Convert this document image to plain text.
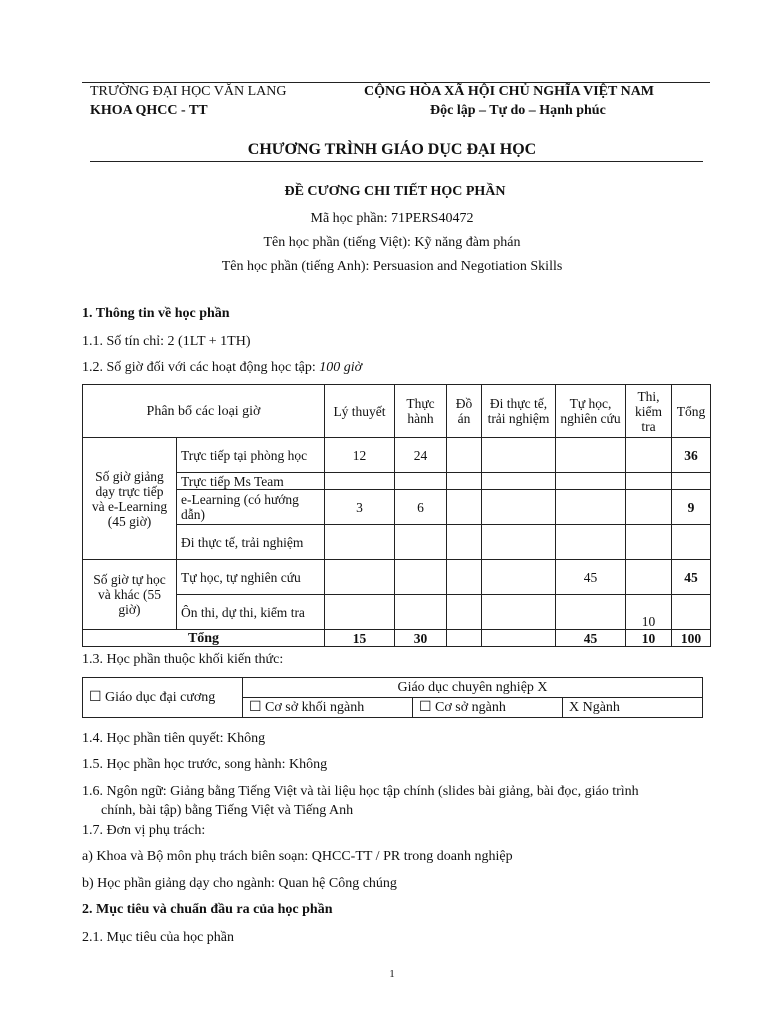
TRƯỜNG ĐẠI HỌC VĂN LANG
KHOA QHCC - TT
CỘNG HÒA XÃ HỘI CHỦ NGHĨA VIỆT NAM
Độc lập – Tự do – Hạnh phúc
CHƯƠNG TRÌNH GIÁO DỤC ĐẠI HỌC
ĐỀ CƯƠNG CHI TIẾT HỌC PHẦN
Mã học phần: 71PERS40472
Tên học phần (tiếng Việt): Kỹ năng đàm phán
Tên học phần (tiếng Anh): Persuasion and Negotiation Skills
1. Thông tin về học phần
1.1. Số tín chỉ: 2 (1LT + 1TH)
1.2. Số giờ đối với các hoạt động học tập: 100 giờ
Phân bổ các loại giờ		Lý thuyết	Thực hành	Đồ án	Đi thực tế, trải nghiệm	Tự học, nghiên cứu	Thi, kiểm tra	Tổng
Số giờ giảng dạy trực tiếp và e-Learning (45 giờ)	Trực tiếp tại phòng học	12	24					36
	Trực tiếp Ms Team							
	e-Learning (có hướng dẫn)	3	6					9
	Đi thực tế, trải nghiệm							
Số giờ tự học và khác (55 giờ)	Tự học, tự nghiên cứu					45		45
	Ôn thi, dự thi, kiểm tra						10	
Tổng		15	30			45	10	100
1.3. Học phần thuộc khối kiến thức:
☐ Giáo dục đại cương	Giáo dục chuyên nghiệp X		
	☐ Cơ sở khối ngành	☐ Cơ sở ngành	X Ngành
1.4. Học phần tiên quyết: Không
1.5. Học phần học trước, song hành: Không
1.6. Ngôn ngữ: Giảng bằng Tiếng Việt và tài liệu học tập chính (slides bài giảng, bài đọc, giáo trình
chính, bài tập) bằng Tiếng Việt và Tiếng Anh
1.7. Đơn vị phụ trách:
a) Khoa và Bộ môn phụ trách biên soạn: QHCC-TT / PR trong doanh nghiệp
b) Học phần giảng dạy cho ngành: Quan hệ Công chúng
2. Mục tiêu và chuẩn đầu ra của học phần
2.1. Mục tiêu của học phần
1
